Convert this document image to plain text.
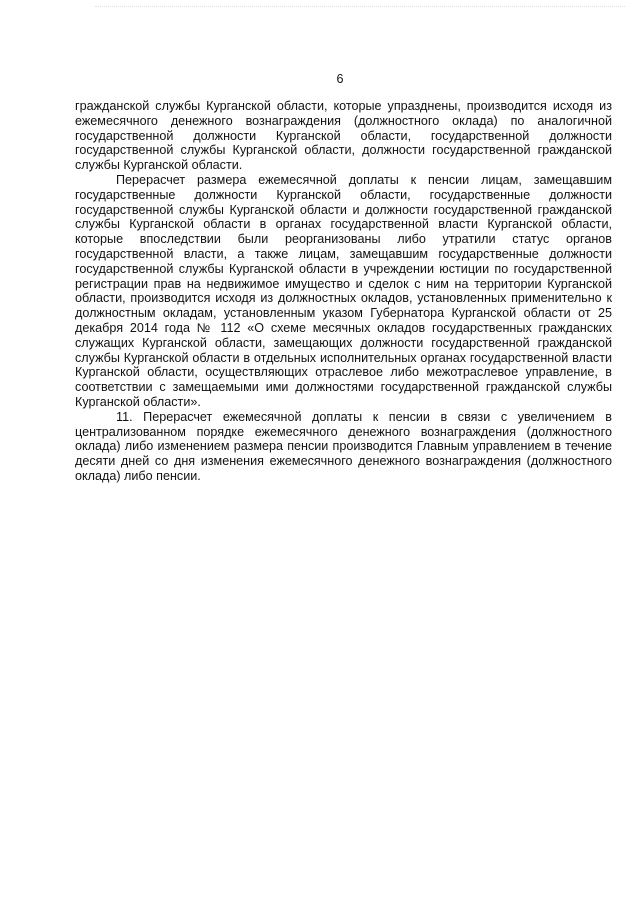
6

гражданской службы Курганской области, которые упразднены, производится исходя из ежемесячного денежного вознаграждения (должностного оклада) по аналогичной государственной должности Курганской области, государственной должности государственной службы Курганской области, должности государственной гражданской службы Курганской области.

Перерасчет размера ежемесячной доплаты к пенсии лицам, замещавшим государственные должности Курганской области, государственные должности государственной службы Курганской области и должности государственной гражданской службы Курганской области в органах государственной власти Курганской области, которые впоследствии были реорганизованы либо утратили статус органов государственной власти, а также лицам, замещавшим государственные должности государственной службы Курганской области в учреждении юстиции по государственной регистрации прав на недвижимое имущество и сделок с ним на территории Курганской области, производится исходя из должностных окладов, установленных применительно к должностным окладам, установленным указом Губернатора Курганской области от 25 декабря 2014 года № 112 «О схеме месячных окладов государственных гражданских служащих Курганской области, замещающих должности государственной гражданской службы Курганской области в отдельных исполнительных органах государственной власти Курганской области, осуществляющих отраслевое либо межотраслевое управление, в соответствии с замещаемыми ими должностями государственной гражданской службы Курганской области».

11. Перерасчет ежемесячной доплаты к пенсии в связи с увеличением в централизованном порядке ежемесячного денежного вознаграждения (должностного оклада) либо изменением размера пенсии производится Главным управлением в течение десяти дней со дня изменения ежемесячного денежного вознаграждения (должностного оклада) либо пенсии.
